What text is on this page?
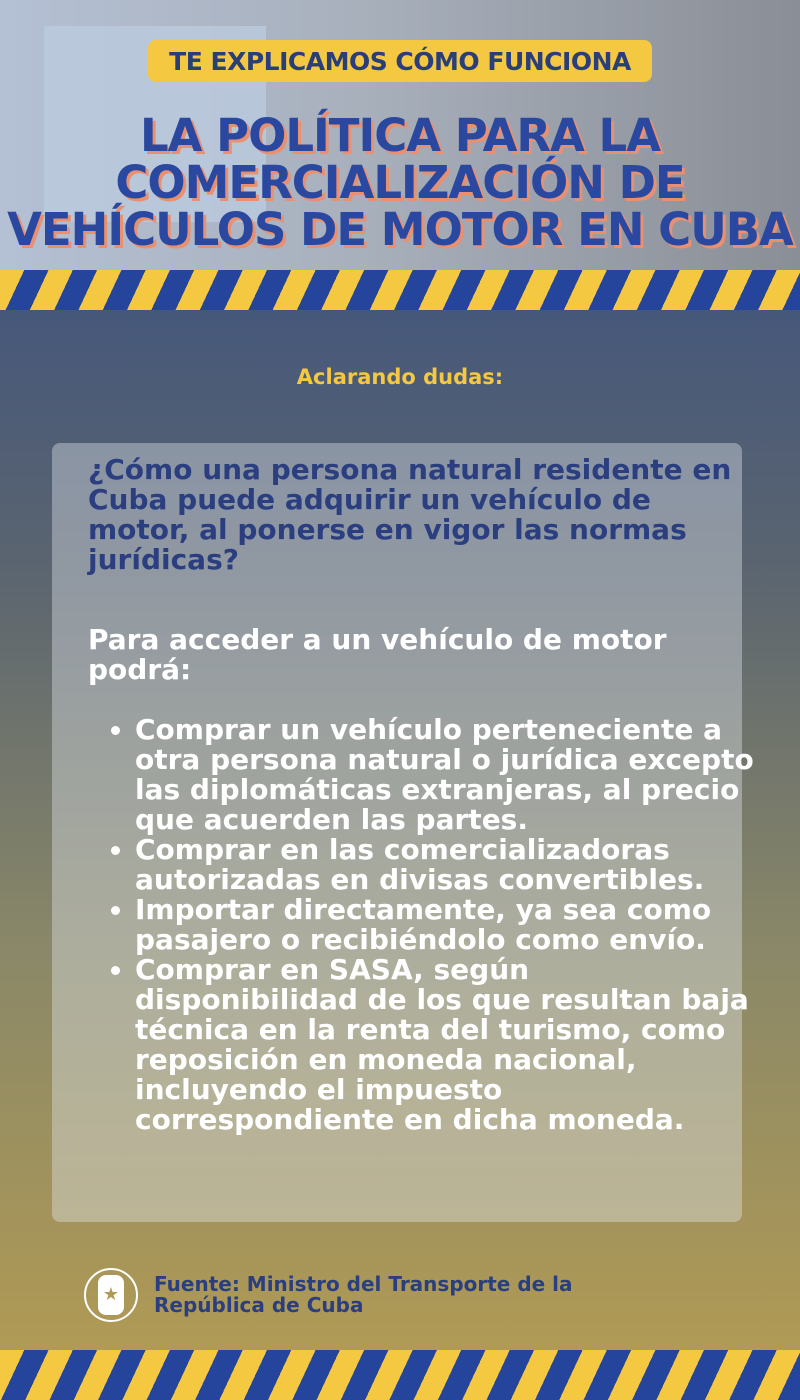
TE EXPLICAMOS CÓMO FUNCIONA
LA POLÍTICA PARA LA
COMERCIALIZACIÓN DE
VEHÍCULOS DE MOTOR EN CUBA
Aclarando dudas:
¿Cómo una persona natural residente en Cuba puede adquirir un vehículo de motor, al ponerse en vigor las normas jurídicas?
Para acceder a un vehículo de motor podrá:
• Comprar un vehículo perteneciente a otra persona natural o jurídica excepto las diplomáticas extranjeras, al precio que acuerden las partes.
• Comprar en las comercializadoras autorizadas en divisas convertibles.
• Importar directamente, ya sea como pasajero o recibiéndolo como envío.
• Comprar en SASA, según disponibilidad de los que resultan baja técnica en la renta del turismo, como reposición en moneda nacional, incluyendo el impuesto correspondiente en dicha moneda.
★ Fuente: Ministro del Transporte de la República de Cuba
